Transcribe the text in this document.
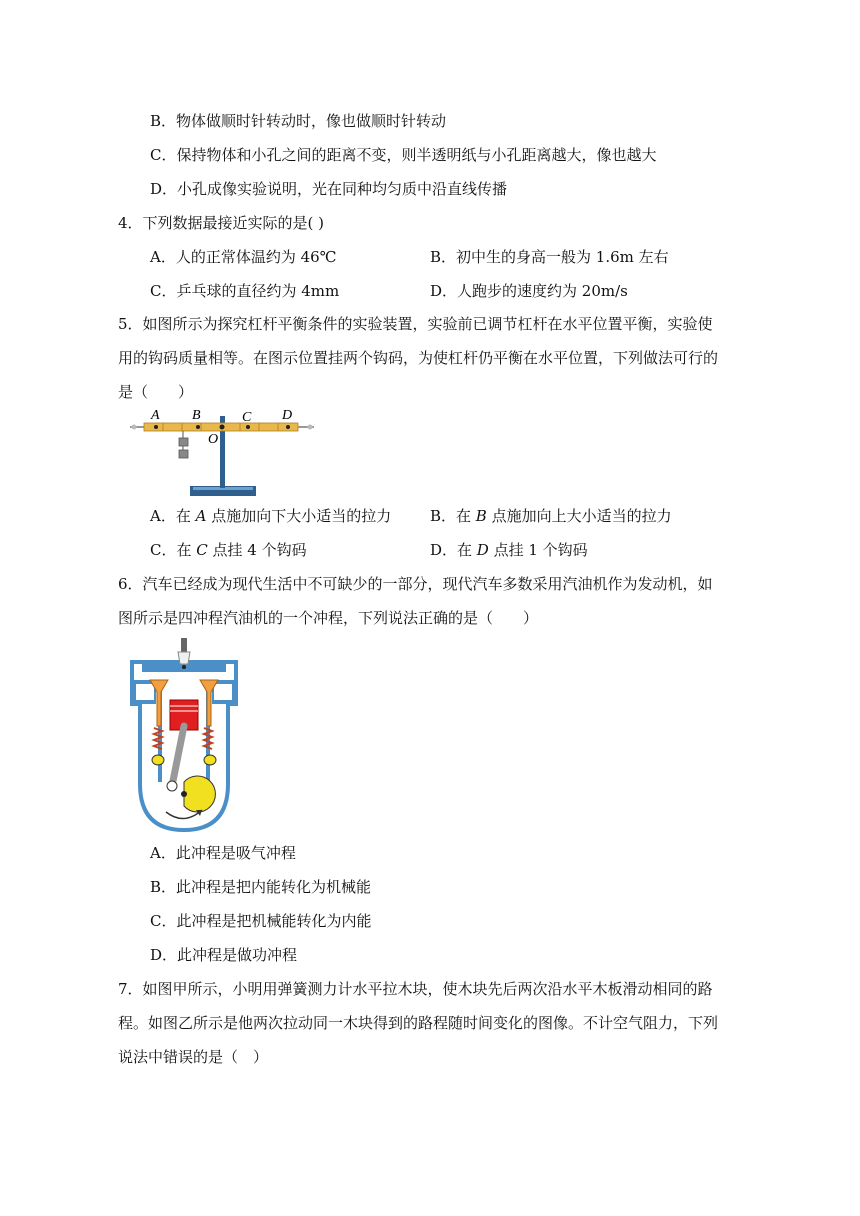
B．物体做顺时针转动时，像也做顺时针转动
C．保持物体和小孔之间的距离不变，则半透明纸与小孔距离越大，像也越大
D．小孔成像实验说明，光在同种均匀质中沿直线传播
4．下列数据最接近实际的是( )
A．人的正常体温约为 46℃	B．初中生的身高一般为 1.6m 左右
C．乒乓球的直径约为 4mm	D．人跑步的速度约为 20m/s
5．如图所示为探究杠杆平衡条件的实验装置，实验前已调节杠杆在水平位置平衡，实验使
用的钩码质量相等。在图示位置挂两个钩码，为使杠杆仍平衡在水平位置，下列做法可行的
是（　　）
A B	C D
O
A．在 A 点施加向下大小适当的拉力	B．在 B 点施加向上大小适当的拉力
C．在 C 点挂 4 个钩码	D．在 D 点挂 1 个钩码
6．汽车已经成为现代生活中不可缺少的一部分，现代汽车多数采用汽油机作为发动机，如
图所示是四冲程汽油机的一个冲程，下列说法正确的是（　　）
A．此冲程是吸气冲程
B．此冲程是把内能转化为机械能
C．此冲程是把机械能转化为内能
D．此冲程是做功冲程
7．如图甲所示，小明用弹簧测力计水平拉木块，使木块先后两次沿水平木板滑动相同的路
程。如图乙所示是他两次拉动同一木块得到的路程随时间变化的图像。不计空气阻力，下列
说法中错误的是（　）
